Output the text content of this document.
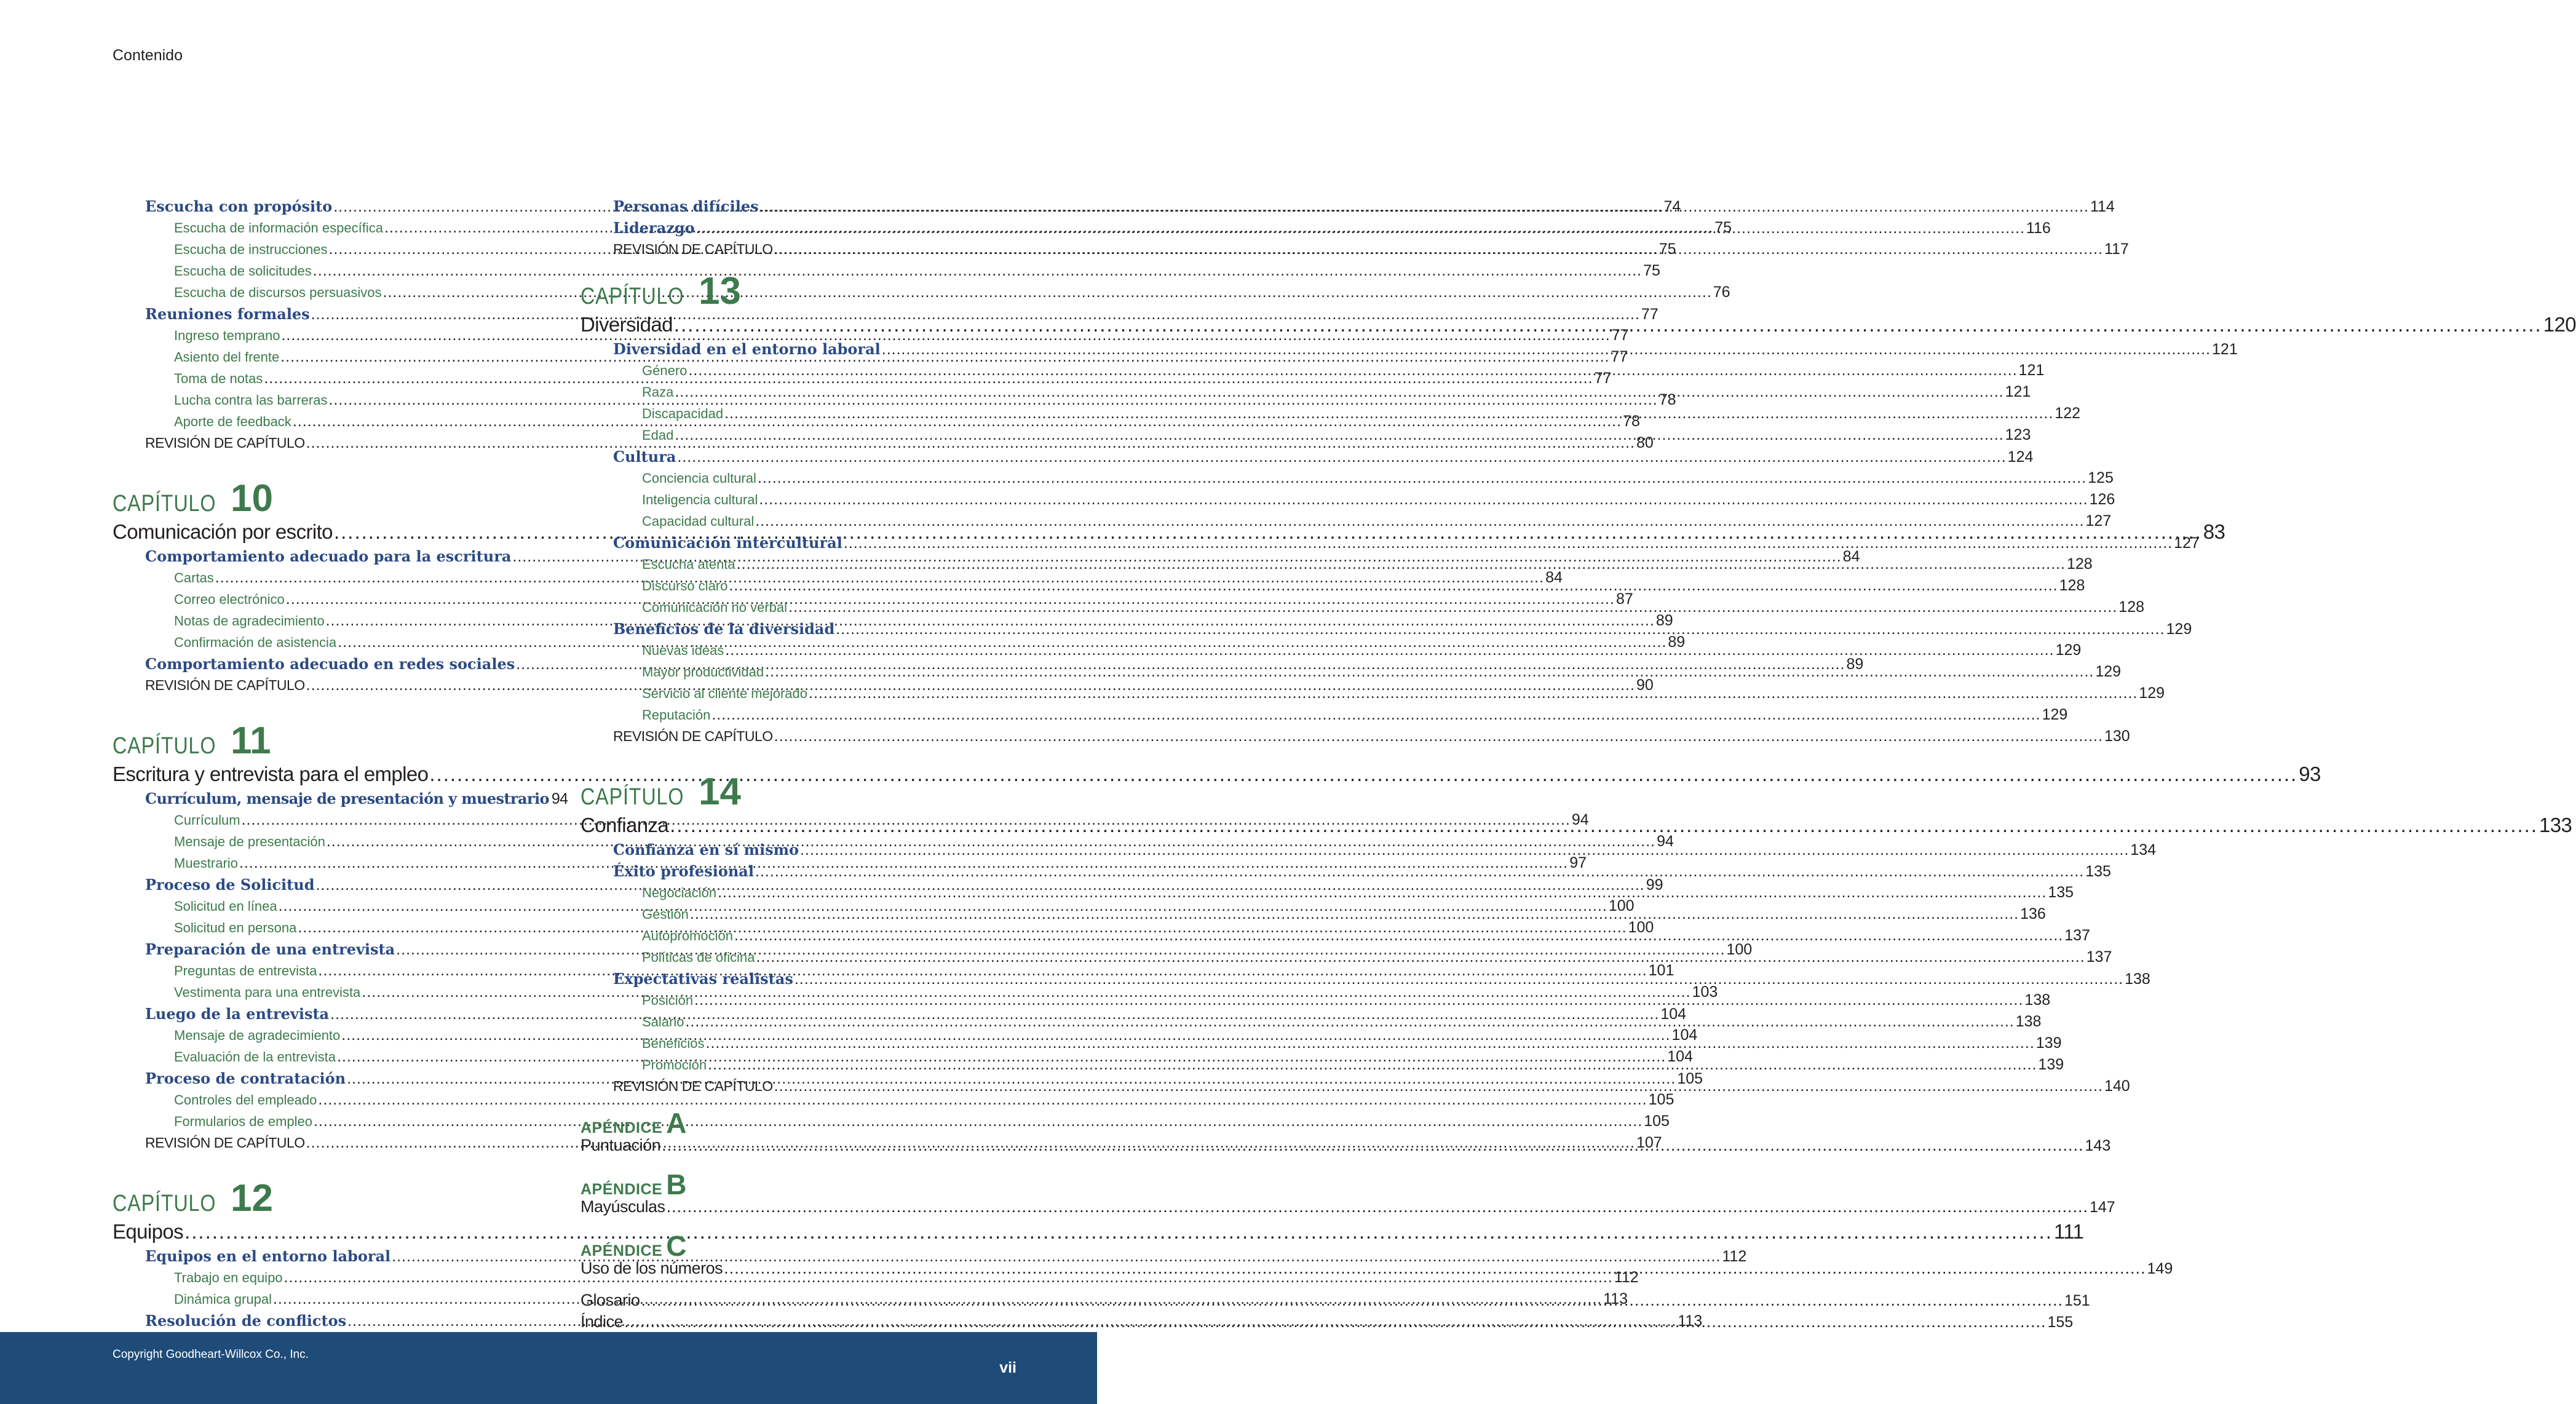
Contenido
Escucha con propósito .....	74
Escucha de información específica .....	75
Escucha de instrucciones .....	75
Escucha de solicitudes .....	75
Escucha de discursos persuasivos .....	76
Reuniones formales .....	77
Ingreso temprano .....	77
Asiento del frente .....	77
Toma de notas .....	77
Lucha contra las barreras .....	78
Aporte de feedback .....	78
REVISIÓN DE CAPÍTULO .....	80
CAPÍTULO 10
Comunicación por escrito .....	83
Comportamiento adecuado para la escritura .....	84
Cartas .....	84
Correo electrónico .....	87
Notas de agradecimiento .....	89
Confirmación de asistencia .....	89
Comportamiento adecuado en redes sociales .....	89
REVISIÓN DE CAPÍTULO .....	90
CAPÍTULO 11
Escritura y entrevista para el empleo .....	93
Currículum, mensaje de presentación y muestrario 94
Currículum .....	94
Mensaje de presentación .....	94
Muestrario .....	97
Proceso de Solicitud .....	99
Solicitud en línea .....	100
Solicitud en persona .....	100
Preparación de una entrevista .....	100
Preguntas de entrevista .....	101
Vestimenta para una entrevista .....	103
Luego de la entrevista .....	104
Mensaje de agradecimiento .....	104
Evaluación de la entrevista .....	104
Proceso de contratación .....	105
Controles del empleado .....	105
Formularios de empleo .....	105
REVISIÓN DE CAPÍTULO .....	107
CAPÍTULO 12
Equipos .....	111
Equipos en el entorno laboral .....	112
Trabajo en equipo .....	112
Dinámica grupal .....	113
Resolución de conflictos .....	113
Personas difíciles .....	114
Liderazgo .....	116
REVISIÓN DE CAPÍTULO .....	117
CAPÍTULO 13
Diversidad .....	120
Diversidad en el entorno laboral .....	121
Género .....	121
Raza .....	121
Discapacidad .....	122
Edad .....	123
Cultura .....	124
Conciencia cultural .....	125
Inteligencia cultural .....	126
Capacidad cultural .....	127
Comunicación intercultural .....	127
Escucha atenta .....	128
Discurso claro .....	128
Comunicación no verbal .....	128
Beneficios de la diversidad .....	129
Nuevas ideas .....	129
Mayor productividad .....	129
Servicio al cliente mejorado .....	129
Reputación .....	129
REVISIÓN DE CAPÍTULO .....	130
CAPÍTULO 14
Confianza .....	133
Confianza en sí mismo .....	134
Éxito profesional .....	135
Negociación .....	135
Gestión .....	136
Autopromoción .....	137
Políticas de oficina .....	137
Expectativas realistas .....	138
Posición .....	138
Salario .....	138
Beneficios .....	139
Promoción .....	139
REVISIÓN DE CAPÍTULO .....	140
APÉNDICE A
Puntuación .....	143
APÉNDICE B
Mayúsculas .....	147
APÉNDICE C
Uso de los números .....	149
Glosario .....	151
Índice .....	155
Copyright Goodheart-Willcox Co., Inc.
vii
